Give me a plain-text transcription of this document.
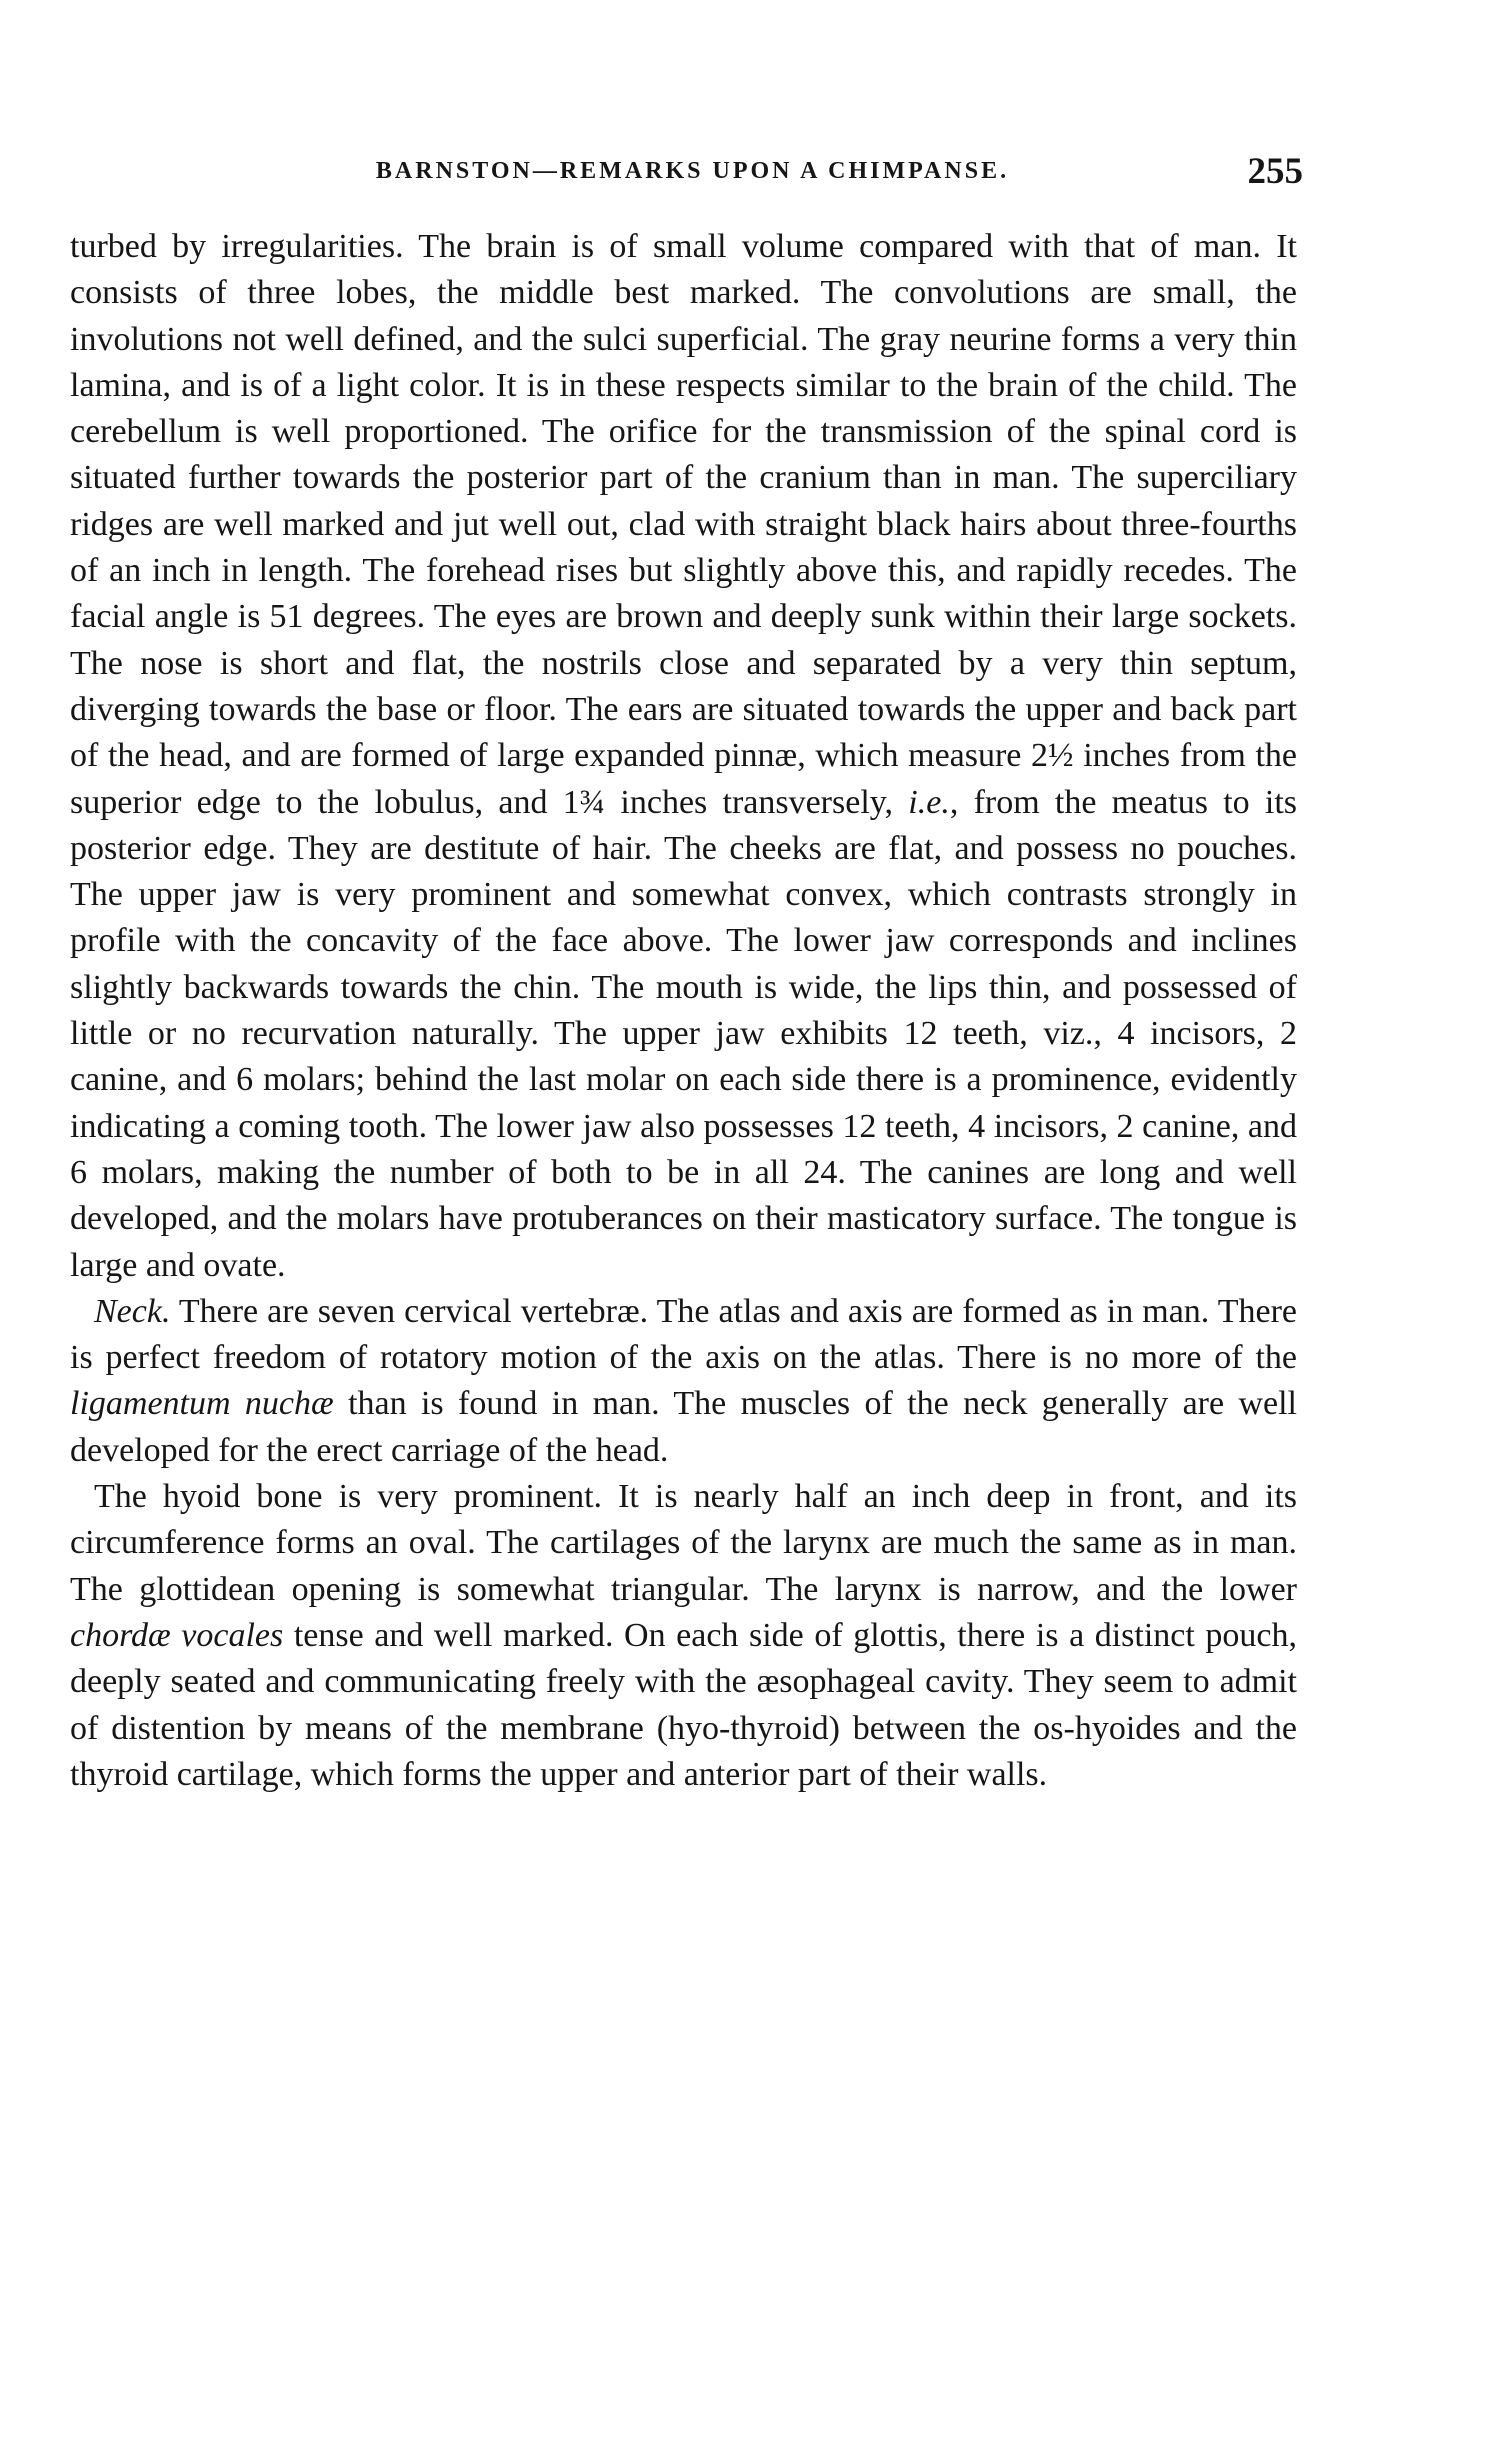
BARNSTON—REMARKS UPON A CHIMPANSE.	255

turbed by irregularities. The brain is of small volume compared with that of man. It consists of three lobes, the middle best marked. The convolutions are small, the involutions not well defined, and the sulci superficial. The gray neurine forms a very thin lamina, and is of a light color. It is in these respects similar to the brain of the child. The cerebellum is well proportioned. The orifice for the transmission of the spinal cord is situated further towards the posterior part of the cranium than in man. The superciliary ridges are well marked and jut well out, clad with straight black hairs about three-fourths of an inch in length. The forehead rises but slightly above this, and rapidly recedes. The facial angle is 51 degrees. The eyes are brown and deeply sunk within their large sockets. The nose is short and flat, the nostrils close and separated by a very thin septum, diverging towards the base or floor. The ears are situated towards the upper and back part of the head, and are formed of large expanded pinnæ, which measure 2½ inches from the superior edge to the lobulus, and 1¾ inches transversely, i.e., from the meatus to its posterior edge. They are destitute of hair. The cheeks are flat, and possess no pouches. The upper jaw is very prominent and somewhat convex, which contrasts strongly in profile with the concavity of the face above. The lower jaw corresponds and inclines slightly backwards towards the chin. The mouth is wide, the lips thin, and possessed of little or no recurvation naturally. The upper jaw exhibits 12 teeth, viz., 4 incisors, 2 canine, and 6 molars; behind the last molar on each side there is a prominence, evidently indicating a coming tooth. The lower jaw also possesses 12 teeth, 4 incisors, 2 canine, and 6 molars, making the number of both to be in all 24. The canines are long and well developed, and the molars have protuberances on their masticatory surface. The tongue is large and ovate.

Neck. There are seven cervical vertebræ. The atlas and axis are formed as in man. There is perfect freedom of rotatory motion of the axis on the atlas. There is no more of the ligamentum nuchæ than is found in man. The muscles of the neck generally are well developed for the erect carriage of the head.

The hyoid bone is very prominent. It is nearly half an inch deep in front, and its circumference forms an oval. The cartilages of the larynx are much the same as in man. The glottidean opening is somewhat triangular. The larynx is narrow, and the lower chordæ vocales tense and well marked. On each side of glottis, there is a distinct pouch, deeply seated and communicating freely with the æsophageal cavity. They seem to admit of distention by means of the membrane (hyo-thyroid) between the os-hyoides and the thyroid cartilage, which forms the upper and anterior part of their walls.
